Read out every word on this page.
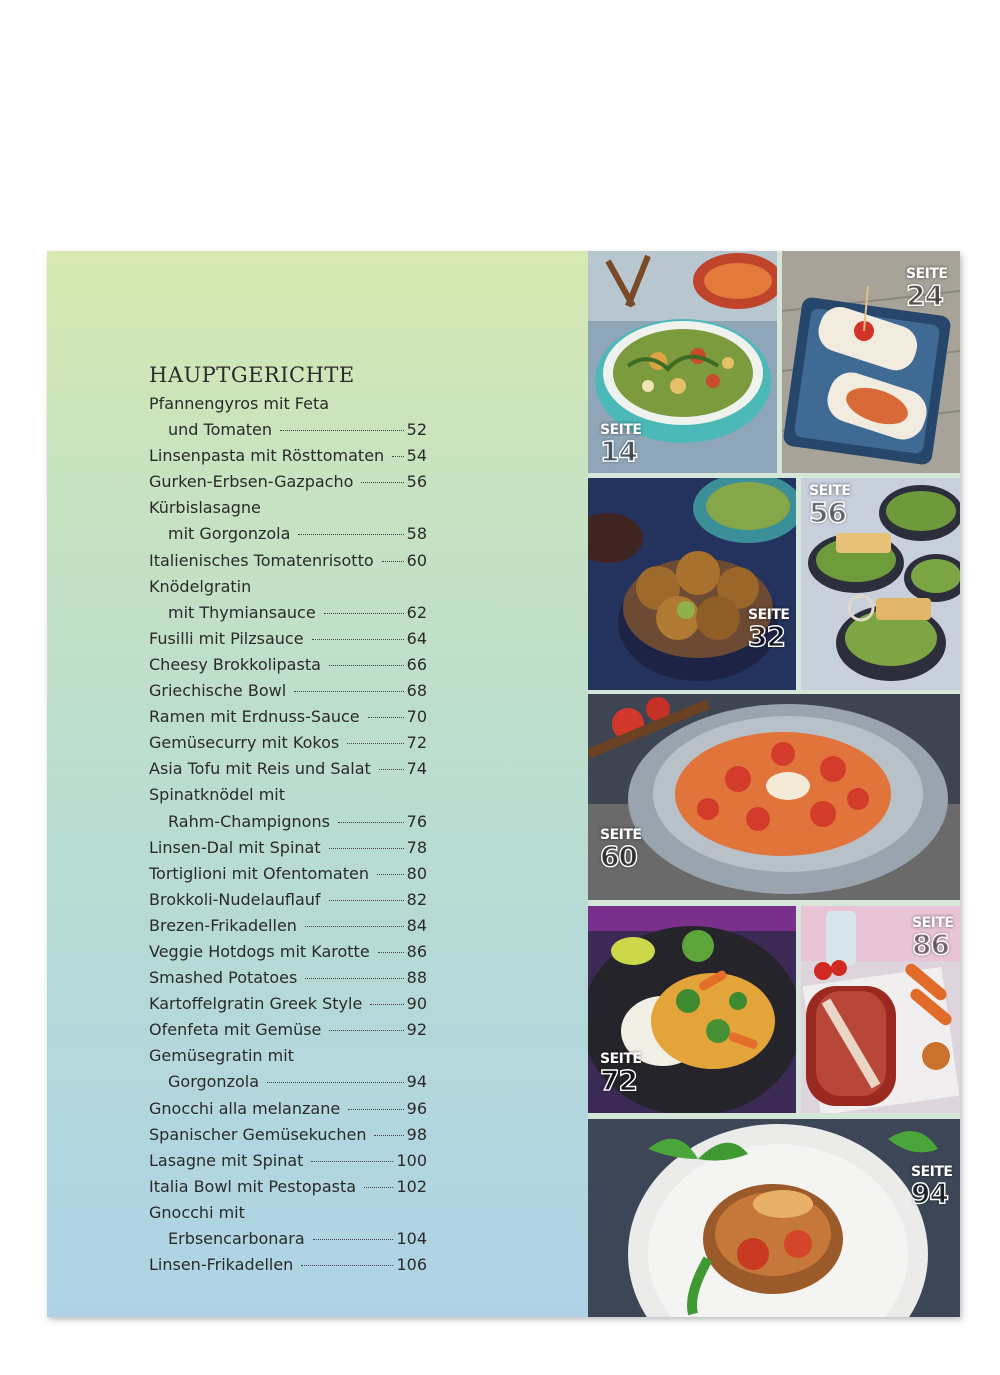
HAUPTGERICHTE
Pfannengyros mit Feta
und Tomaten	52
Linsenpasta mit Rösttomaten 54
Gurken-Erbsen-Gazpacho	56
Kürbislasagne
mit Gorgonzola	58
Italienisches Tomatenrisotto 60
Knödelgratin
mit Thymiansauce	62
Fusilli mit Pilzsauce	64
Cheesy Brokkolipasta	66
Griechische Bowl	68
Ramen mit Erdnuss-Sauce	70
Gemüsecurry mit Kokos	72
Asia Tofu mit Reis und Salat 74
Spinatknödel mit
Rahm-Champignons	76
Linsen-Dal mit Spinat	78
Tortiglioni mit Ofentomaten 80
Brokkoli-Nudelauflauf	82
Brezen-Frikadellen	84
Veggie Hotdogs mit Karotte 86
Smashed Potatoes	88
Kartoffelgratin Greek Style	90
Ofenfeta mit Gemüse	92
Gemüsegratin mit
Gorgonzola	94
Gnocchi alla melanzane	96
Spanischer Gemüsekuchen	98
Lasagne mit Spinat	100
Italia Bowl mit Pestopasta	102
Gnocchi mit
Erbsencarbonara	104
Linsen-Frikadellen	106
SEITE
14
SEITE
24
SEITE
32
SEITE
56
SEITE
60
SEITE
72
SEITE
86
SEITE
94
